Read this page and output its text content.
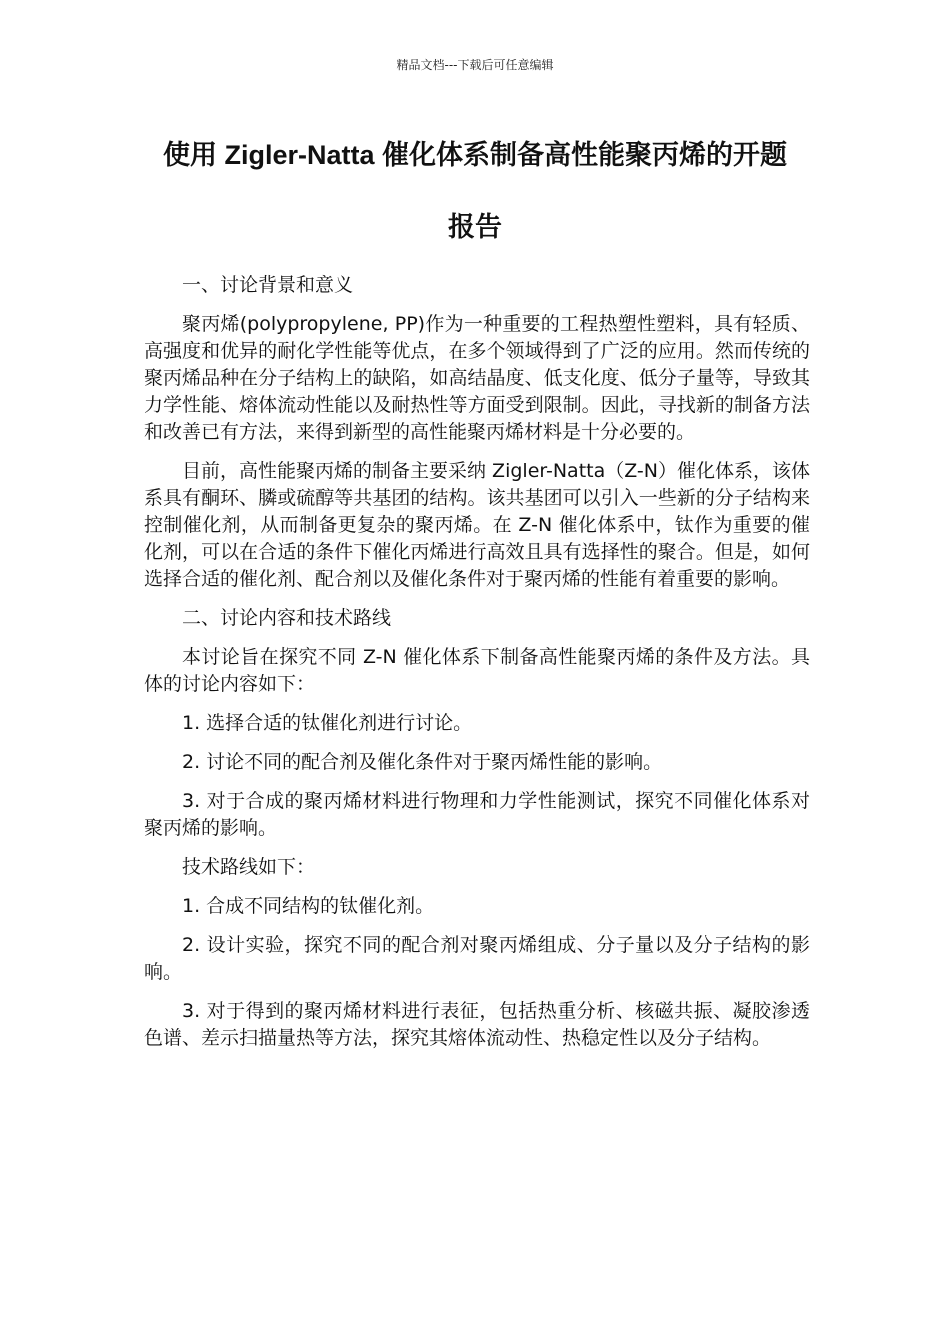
精品文档---下载后可任意编辑
使用 Zigler-Natta 催化体系制备高性能聚丙烯的开题
报告

一、讨论背景和意义

聚丙烯(polypropylene, PP)作为一种重要的工程热塑性塑料，具有轻质、高强度和优异的耐化学性能等优点，在多个领域得到了广泛的应用。然而传统的聚丙烯品种在分子结构上的缺陷，如高结晶度、低支化度、低分子量等，导致其力学性能、熔体流动性能以及耐热性等方面受到限制。因此，寻找新的制备方法和改善已有方法，来得到新型的高性能聚丙烯材料是十分必要的。

目前，高性能聚丙烯的制备主要采纳 Zigler-Natta（Z-N）催化体系，该体系具有酮环、膦或硫醇等共基团的结构。该共基团可以引入一些新的分子结构来控制催化剂，从而制备更复杂的聚丙烯。在 Z-N 催化体系中，钛作为重要的催化剂，可以在合适的条件下催化丙烯进行高效且具有选择性的聚合。但是，如何选择合适的催化剂、配合剂以及催化条件对于聚丙烯的性能有着重要的影响。

二、讨论内容和技术路线

本讨论旨在探究不同 Z-N 催化体系下制备高性能聚丙烯的条件及方法。具体的讨论内容如下：

1. 选择合适的钛催化剂进行讨论。

2. 讨论不同的配合剂及催化条件对于聚丙烯性能的影响。

3. 对于合成的聚丙烯材料进行物理和力学性能测试，探究不同催化体系对聚丙烯的影响。

技术路线如下：

1. 合成不同结构的钛催化剂。

2. 设计实验，探究不同的配合剂对聚丙烯组成、分子量以及分子结构的影响。

3. 对于得到的聚丙烯材料进行表征，包括热重分析、核磁共振、凝胶渗透色谱、差示扫描量热等方法，探究其熔体流动性、热稳定性以及分子结构。
